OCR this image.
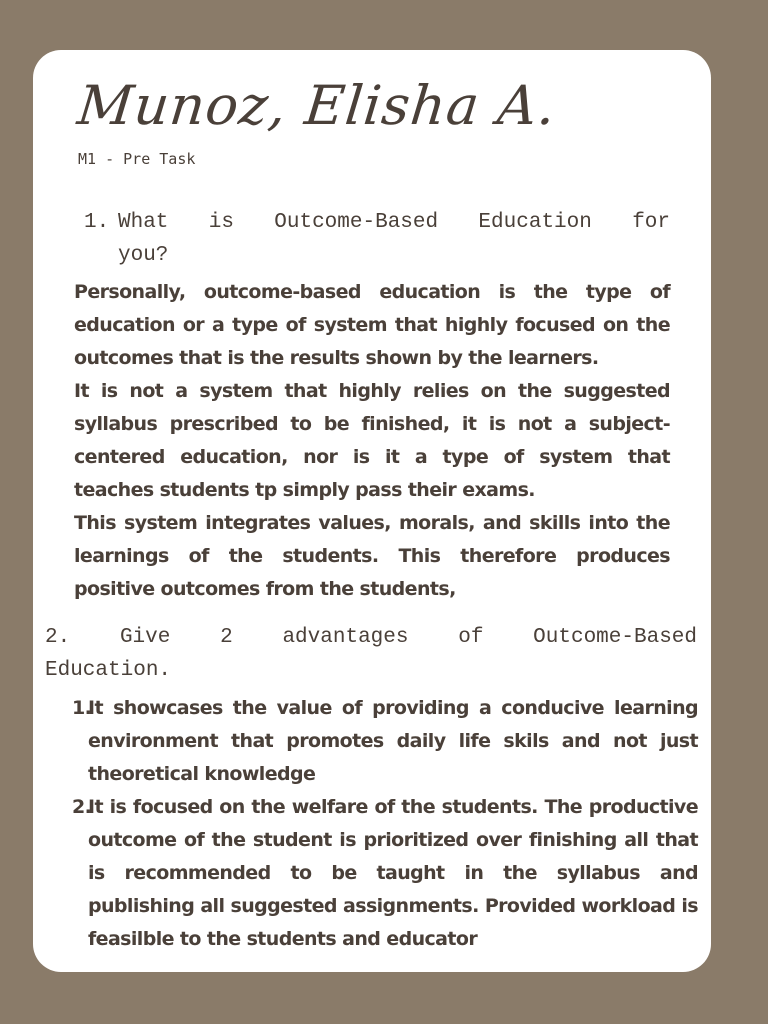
Munoz, Elisha A.
M1 - Pre Task
1. What is Outcome-Based Education for
you?

Personally, outcome-based education is the type of education or a type of system that highly focused on the outcomes that is the results shown by the learners.

It is not a system that highly relies on the suggested syllabus prescribed to be finished, it is not a subject-centered education, nor is it a type of system that teaches students tp simply pass their exams.

This system integrates values, morals, and skills into the learnings of the students. This therefore produces positive outcomes from the students,

2. Give 2 advantages of Outcome-Based
Education.
1.
It showcases the value of providing a conducive learning environment that promotes daily life skils and not just theoretical knowledge
2.
It is focused on the welfare of the students. The productive outcome of the student is prioritized over finishing all that is recommended to be taught in the syllabus and publishing all suggested assignments. Provided workload is feasilble to the students and educator
